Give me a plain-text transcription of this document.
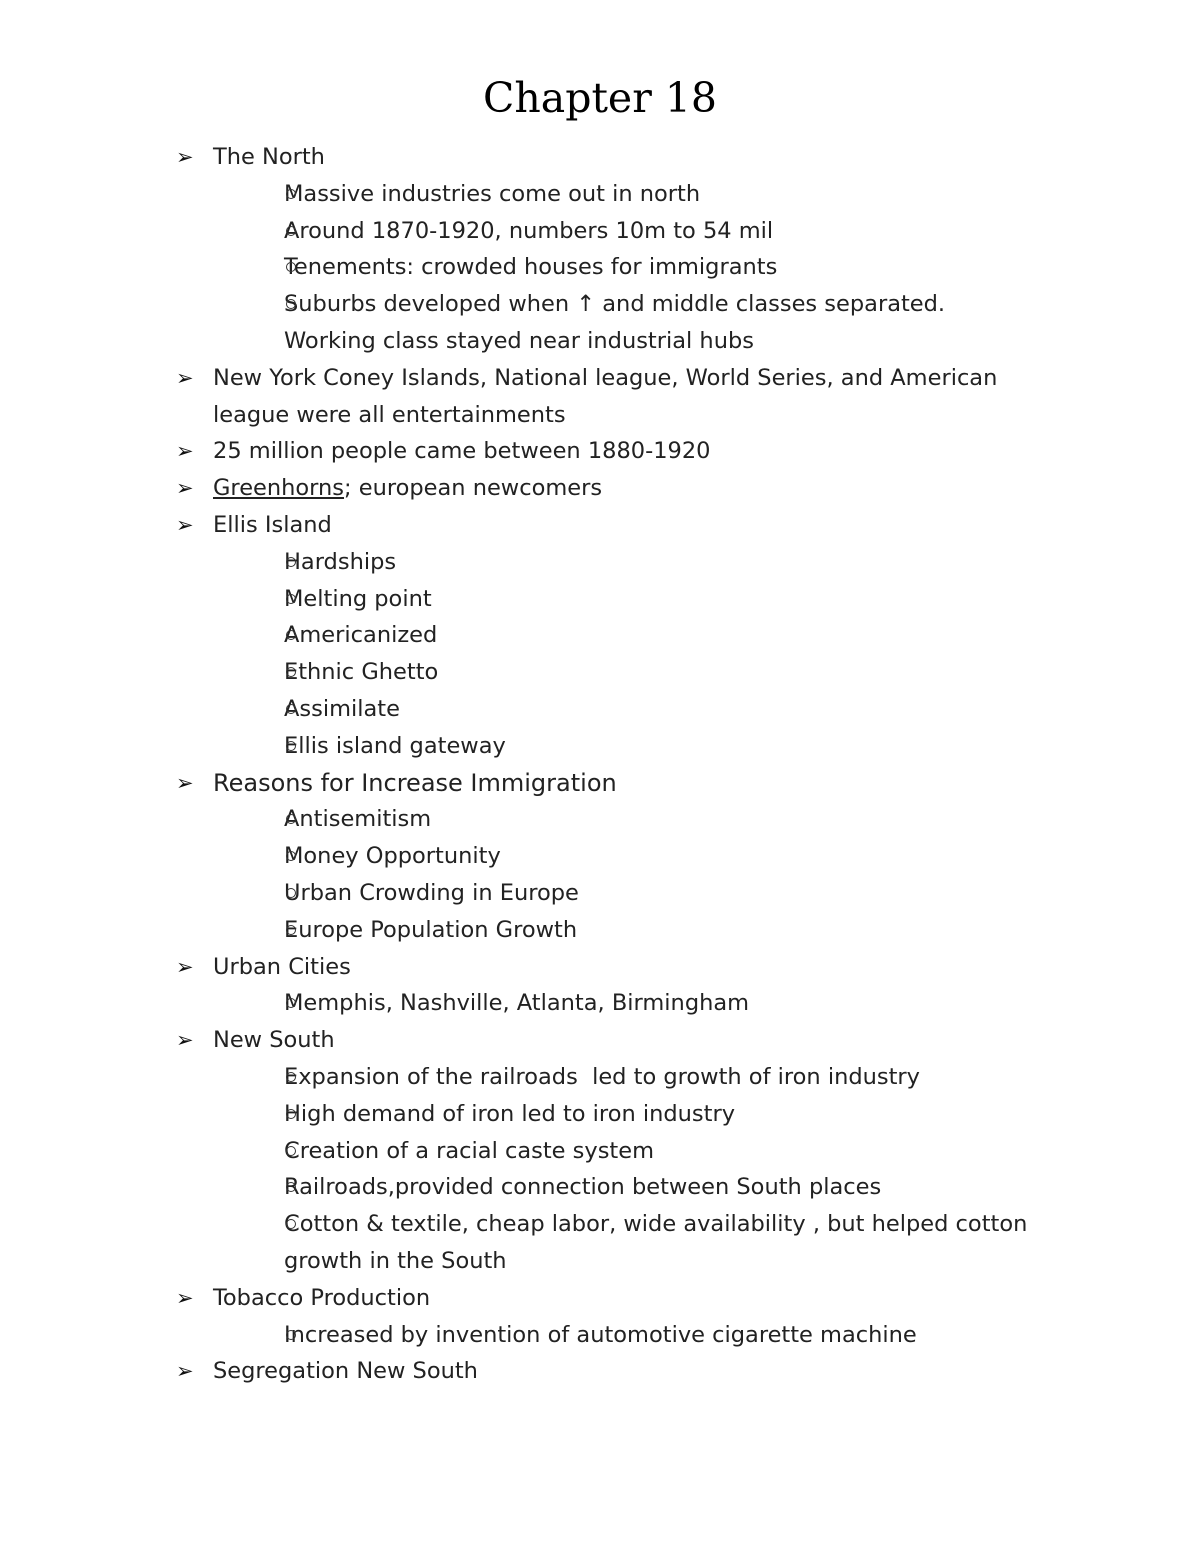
Chapter 18
➢ The North
Massive industries come out in north
Around 1870-1920, numbers 10m to 54 mil
Tenements: crowded houses for immigrants
Suburbs developed when ↑ and middle classes separated. Working class stayed near industrial hubs
➢ New York Coney Islands, National league, World Series, and American league were all entertainments
➢ 25 million people came between 1880-1920
➢ Greenhorns; european newcomers
➢ Ellis Island
Hardships
Melting point
Americanized
Ethnic Ghetto
Assimilate
Ellis island gateway
➢ Reasons for Increase Immigration
Antisemitism
Money Opportunity
Urban Crowding in Europe
Europe Population Growth
➢ Urban Cities
Memphis, Nashville, Atlanta, Birmingham
➢ New South
Expansion of the railroads  led to growth of iron industry
High demand of iron led to iron industry
Creation of a racial caste system
Railroads,provided connection between South places
Cotton & textile, cheap labor, wide availability , but helped cotton growth in the South
➢ Tobacco Production
Increased by invention of automotive cigarette machine
➢ Segregation New South
